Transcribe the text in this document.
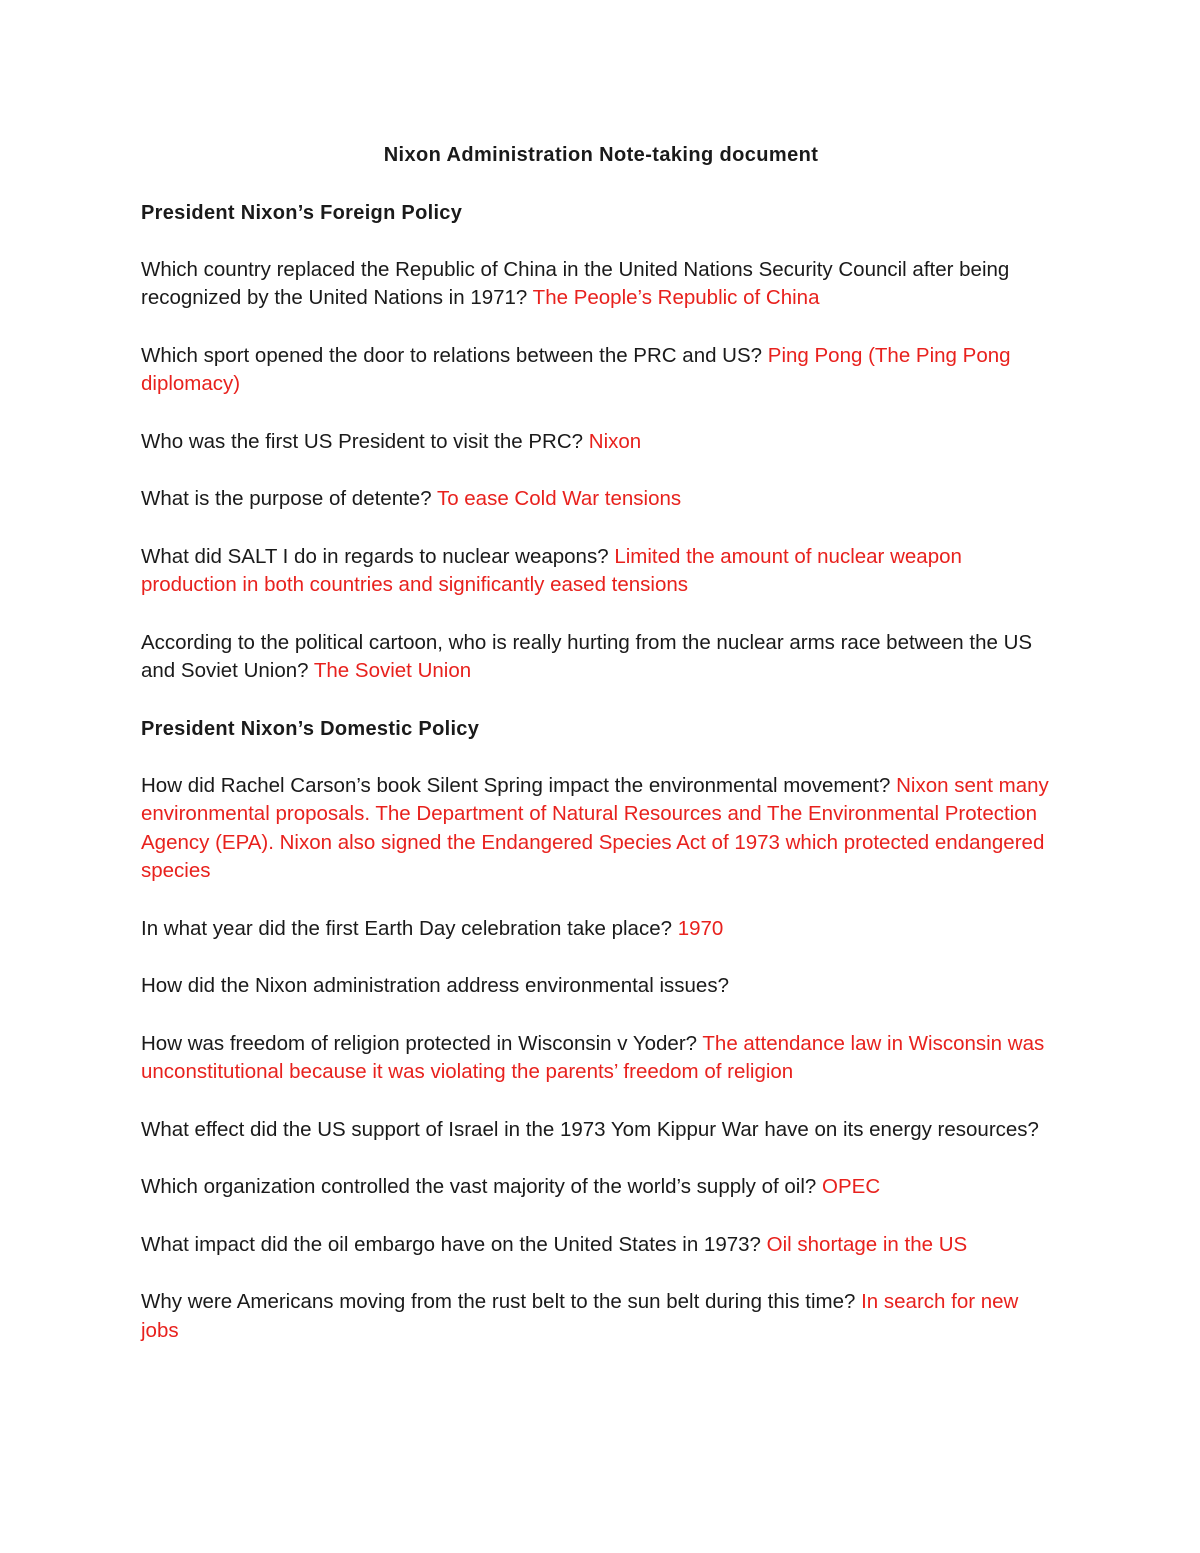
Nixon Administration Note-taking document
President Nixon’s Foreign Policy

Which country replaced the Republic of China in the United Nations Security Council after being recognized by the United Nations in 1971? The People’s Republic of China

Which sport opened the door to relations between the PRC and US? Ping Pong (The Ping Pong diplomacy)

Who was the first US President to visit the PRC? Nixon

What is the purpose of detente? To ease Cold War tensions

What did SALT I do in regards to nuclear weapons? Limited the amount of nuclear weapon production in both countries and significantly eased tensions

According to the political cartoon, who is really hurting from the nuclear arms race between the US and Soviet Union? The Soviet Union

President Nixon’s Domestic Policy

How did Rachel Carson’s book Silent Spring impact the environmental movement? Nixon sent many environmental proposals. The Department of Natural Resources and The Environmental Protection Agency (EPA). Nixon also signed the Endangered Species Act of 1973 which protected endangered species

In what year did the first Earth Day celebration take place? 1970

How did the Nixon administration address environmental issues?

How was freedom of religion protected in Wisconsin v Yoder? The attendance law in Wisconsin was unconstitutional because it was violating the parents’ freedom of religion

What effect did the US support of Israel in the 1973 Yom Kippur War have on its energy resources?

Which organization controlled the vast majority of the world’s supply of oil? OPEC

What impact did the oil embargo have on the United States in 1973? Oil shortage in the US

Why were Americans moving from the rust belt to the sun belt during this time? In search for new jobs
